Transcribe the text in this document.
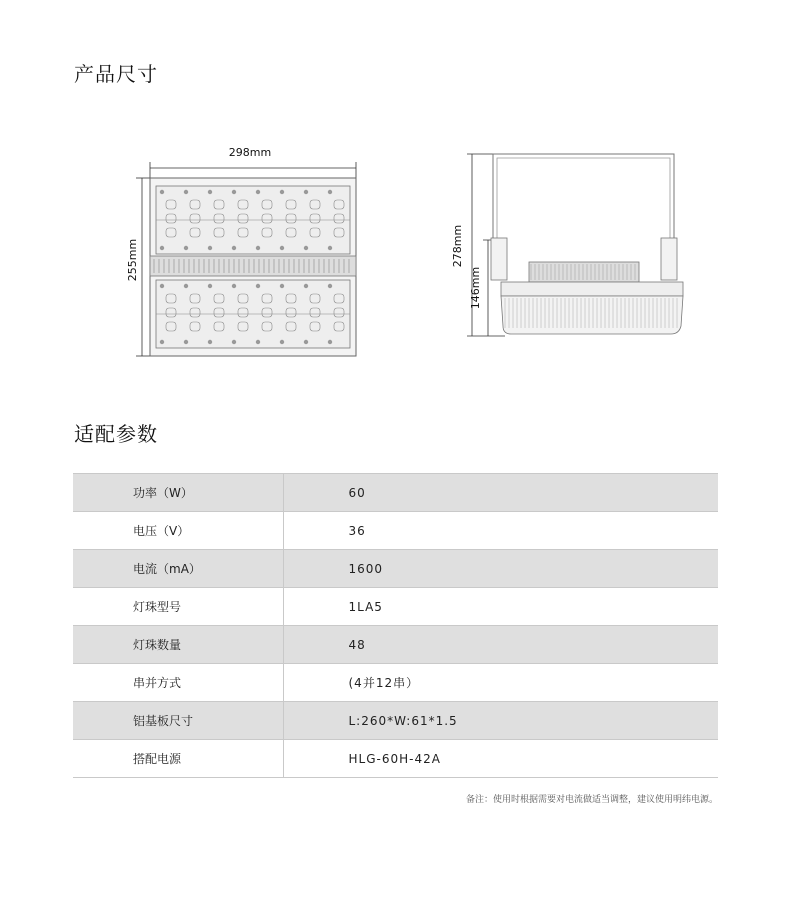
产品尺寸
298mm
255mm	278mm
146mm
适配参数
功率（W）	60
电压（V）	36
电流（mA）	1600
灯珠型号	1LA5
灯珠数量	48
串并方式	(4并12串）
铝基板尺寸	L:260*W:61*1.5
搭配电源	HLG-60H-42A
备注：使用时根据需要对电流做适当调整，建议使用明纬电源。
